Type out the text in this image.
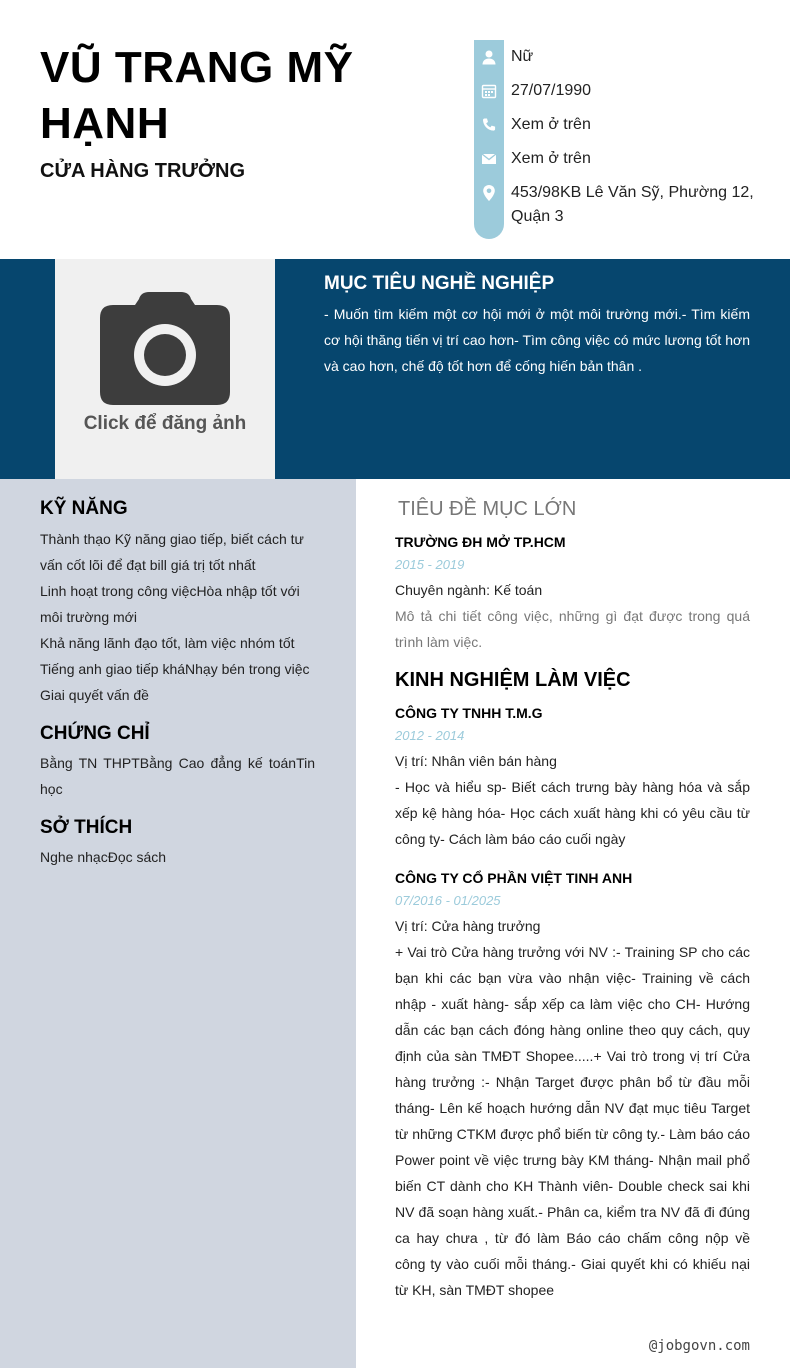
VŨ TRANG MỸ HẠNH
CỬA HÀNG TRƯỞNG
Nữ
27/07/1990
Xem ở trên
Xem ở trên
453/98KB Lê Văn Sỹ, Phường 12, Quận 3
Click để đăng ảnh
MỤC TIÊU NGHỀ NGHIỆP
- Muốn tìm kiếm một cơ hội mới ở một môi trường mới.- Tìm kiếm cơ hội thăng tiến vị trí cao hơn- Tìm công việc có mức lương tốt hơn và cao hơn, chế độ tốt hơn để cống hiến bản thân .
KỸ NĂNG
Thành thạo Kỹ năng giao tiếp, biết cách tư vấn cốt lõi để đạt bill giá trị tốt nhất
Linh hoạt trong công việcHòa nhập tốt với môi trường mới
Khả năng lãnh đạo tốt, làm việc nhóm tốt
Tiếng anh giao tiếp kháNhạy bén trong việc Giai quyết vấn đề
CHỨNG CHỈ
Bằng TN THPTBằng Cao đẳng kế toánTin học
SỞ THÍCH
Nghe nhạcĐọc sách
TIÊU ĐỀ MỤC LỚN
TRƯỜNG ĐH MỞ TP.HCM
2015 - 2019
Chuyên ngành: Kế toán
Mô tả chi tiết công việc, những gì đạt được trong quá trình làm việc.
KINH NGHIỆM LÀM VIỆC
CÔNG TY TNHH T.M.G
2012 - 2014
Vị trí: Nhân viên bán hàng
- Học và hiểu sp- Biết cách trưng bày hàng hóa và sắp xếp kệ hàng hóa- Học cách xuất hàng khi có yêu cầu từ công ty- Cách làm báo cáo cuối ngày
CÔNG TY CỔ PHẦN VIỆT TINH ANH
07/2016 - 01/2025
Vị trí: Cửa hàng trưởng
+ Vai trò Cửa hàng trưởng với NV :- Training SP cho các bạn khi các bạn vừa vào nhận việc- Training về cách nhập - xuất hàng- sắp xếp ca làm việc cho CH- Hướng dẫn các bạn cách đóng hàng online theo quy cách, quy định của sàn TMĐT Shopee.....+ Vai trò trong vị trí Cửa hàng trưởng :- Nhận Target được phân bổ từ đầu mỗi tháng- Lên kế hoạch hướng dẫn NV đạt mục tiêu Target từ những CTKM được phổ biến từ công ty.- Làm báo cáo Power point về việc trưng bày KM tháng- Nhận mail phổ biến CT dành cho KH Thành viên- Double check sai khi NV đã soạn hàng xuất.- Phân ca, kiểm tra NV đã đi đúng ca hay chưa , từ đó làm Báo cáo chấm công nộp về công ty vào cuối mỗi tháng.- Giai quyết khi có khiếu nại từ KH, sàn TMĐT shopee
@jobgovn.com
